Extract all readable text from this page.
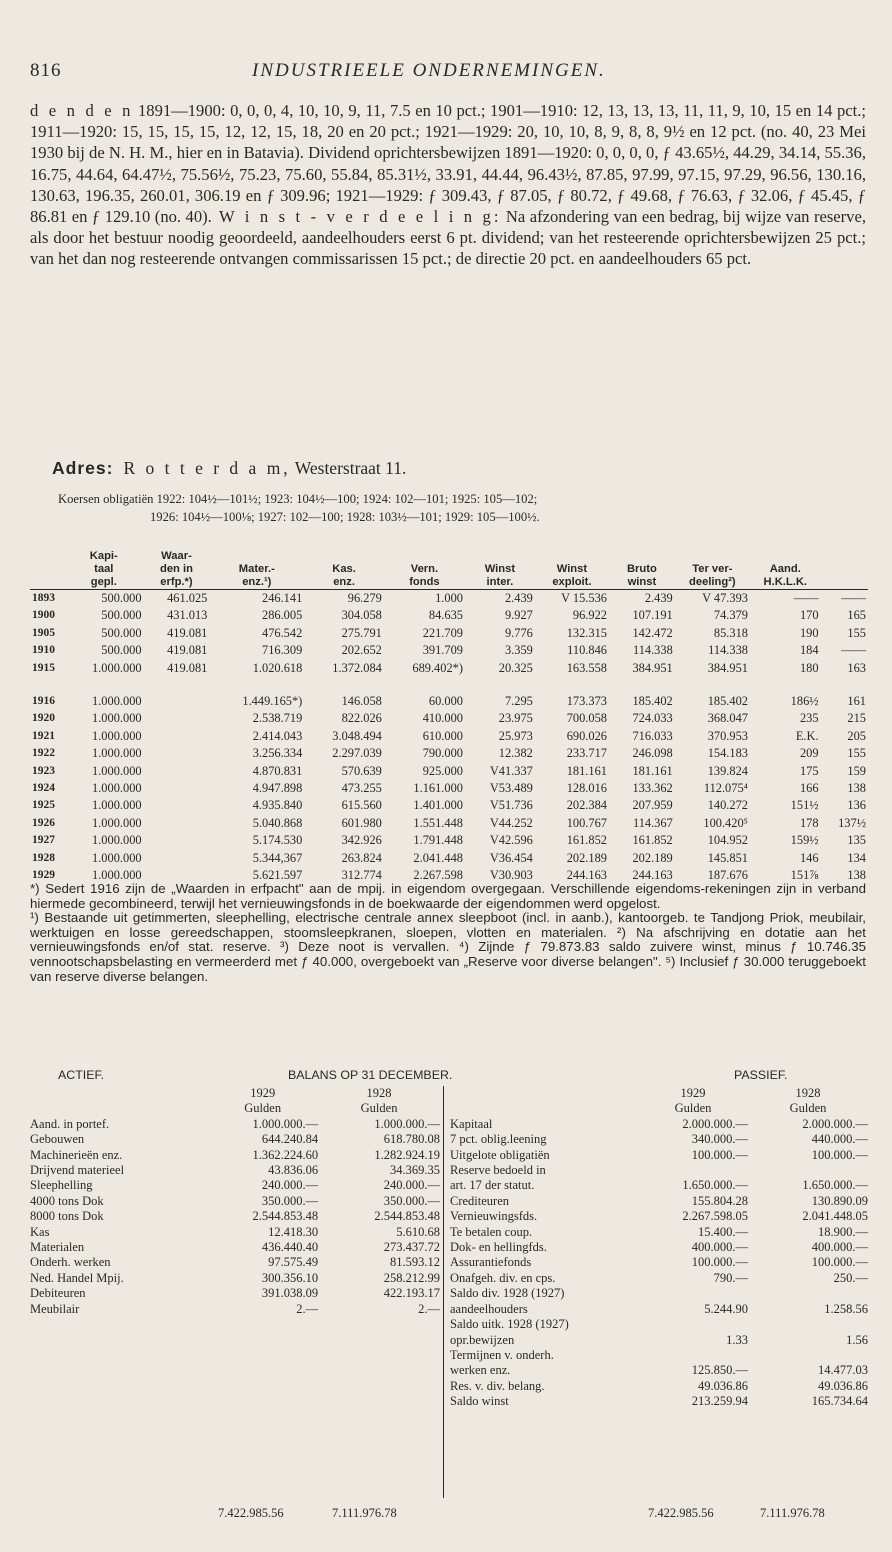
816	INDUSTRIEELE ONDERNEMINGEN.
d e n d e n 1891—1900: 0, 0, 0, 4, 10, 10, 9, 11, 7.5 en 10 pct.; 1901—1910: 12, 13, 13, 13, 11, 11, 9, 10, 15 en 14 pct.; 1911—1920: 15, 15, 15, 15, 12, 12, 15, 18, 20 en 20 pct.; 1921—1929: 20, 10, 10, 8, 9, 8, 8, 9½ en 12 pct. (no. 40, 23 Mei 1930 bij de N. H. M., hier en in Batavia). Dividend oprichtersbewijzen 1891—1920: 0, 0, 0, 0, ƒ 43.65½, 44.29, 34.14, 55.36, 16.75, 44.64, 64.47½, 75.56½, 75.23, 75.60, 55.84, 85.31½, 33.91, 44.44, 96.43½, 87.85, 97.99, 97.15, 97.29, 96.56, 130.16, 130.63, 196.35, 260.01, 306.19 en ƒ 309.96; 1921—1929: ƒ 309.43, ƒ 87.05, ƒ 80.72, ƒ 49.68, ƒ 76.63, ƒ 32.06, ƒ 45.45, ƒ 86.81 en ƒ 129.10 (no. 40). W i n s t - v e r d e e l i n g: Na afzondering van een bedrag, bij wijze van reserve, als door het bestuur noodig geoordeeld, aandeelhouders eerst 6 pt. dividend; van het resteerende oprichtersbewijzen 25 pct.; van het dan nog resteerende ontvangen commissarissen 15 pct.; de directie 20 pct. en aandeelhouders 65 pct.
Adres: R o t t e r d a m, Westerstraat 11.
Koersen obligatiën 1922: 104½—101½; 1923: 104½—100; 1924: 102—101; 1925: 105—102;
1926: 104½—100⅛; 1927: 102—100; 1928: 103½—101; 1929: 105—100½.
	Kapi-	Waar-									
	taal	den in	Mater.-	Kas.	Vern.	Winst	Winst	Bruto	Ter ver-	Aand.	
	gepl.	erfp.*)	enz.¹)	enz.	fonds	inter.	exploit.	winst	deeling²)	H.K.L.K.	
1893	500.000	461.025	246.141	96.279	1.000	2.439	V 15.536	2.439	V 47.393	——	——
1900	500.000	431.013	286.005	304.058	84.635	9.927	96.922	107.191	74.379	170	165
1905	500.000	419.081	476.542	275.791	221.709	9.776	132.315	142.472	85.318	190	155
1910	500.000	419.081	716.309	202.652	391.709	3.359	110.846	114.338	114.338	184	——
1915	1.000.000	419.081	1.020.618	1.372.084	689.402*)	20.325	163.558	384.951	384.951	180	163
1916	1.000.000		1.449.165*)	146.058	60.000	7.295	173.373	185.402	185.402	186½	161
1920	1.000.000		2.538.719	822.026	410.000	23.975	700.058	724.033	368.047	235	215
1921	1.000.000		2.414.043	3.048.494	610.000	25.973	690.026	716.033	370.953	E.K.	205
1922	1.000.000		3.256.334	2.297.039	790.000	12.382	233.717	246.098	154.183	209	155
1923	1.000.000		4.870.831	570.639	925.000	V41.337	181.161	181.161	139.824	175	159
1924	1.000.000		4.947.898	473.255	1.161.000	V53.489	128.016	133.362	112.075⁴	166	138
1925	1.000.000		4.935.840	615.560	1.401.000	V51.736	202.384	207.959	140.272	151½	136
1926	1.000.000		5.040.868	601.980	1.551.448	V44.252	100.767	114.367	100.420⁵	178	137½
1927	1.000.000		5.174.530	342.926	1.791.448	V42.596	161.852	161.852	104.952	159½	135
1928	1.000.000		5.344,367	263.824	2.041.448	V36.454	202.189	202.189	145.851	146	134
1929	1.000.000		5.621.597	312.774	2.267.598	V30.903	244.163	244.163	187.676	151⅞	138

*) Sedert 1916 zijn de „Waarden in erfpacht" aan de mpij. in eigendom overgegaan. Verschillende eigendoms-rekeningen zijn in verband hiermede gecombineerd, terwijl het vernieuwingsfonds in de boekwaarde der eigendommen werd opgelost.

¹) Bestaande uit getimmerten, sleephelling, electrische centrale annex sleepboot (incl. in aanb.), kantoorgeb. te Tandjong Priok, meubilair, werktuigen en losse gereedschappen, stoomsleepkranen, sloepen, vlotten en materialen. ²) Na afschrijving en dotatie aan het vernieuwingsfonds en/of stat. reserve. ³) Deze noot is vervallen. ⁴) Zijnde ƒ 79.873.83 saldo zuivere winst, minus ƒ 10.746.35 vennootschapsbelasting en vermeerderd met ƒ 40.000, overgeboekt van „Reserve voor diverse belangen". ⁵) Inclusief ƒ 30.000 teruggeboekt van reserve diverse belangen.

ACTIEF.	BALANS OP 31 DECEMBER.	PASSIEF.
	1929	1928
	Gulden	Gulden
Aand. in portef.	1.000.000.—	1.000.000.—
Gebouwen	644.240.84	618.780.08
Machinerieën enz.	1.362.224.60	1.282.924.19
Drijvend materieel	43.836.06	34.369.35
Sleephelling	240.000.—	240.000.—
4000 tons Dok	350.000.—	350.000.—
8000 tons Dok	2.544.853.48	2.544.853.48
Kas	12.418.30	5.610.68
Materialen	436.440.40	273.437.72
Onderh. werken	97.575.49	81.593.12
Ned. Handel Mpij.	300.356.10	258.212.99
Debiteuren	391.038.09	422.193.17
Meubilair	2.—	2.—
	1929	1928
	Gulden	Gulden
Kapitaal	2.000.000.—	2.000.000.—
7 pct. oblig.leening	340.000.—	440.000.—
Uitgelote obligatiën	100.000.—	100.000.—
Reserve bedoeld in		
art. 17 der statut.	1.650.000.—	1.650.000.—
Crediteuren	155.804.28	130.890.09
Vernieuwingsfds.	2.267.598.05	2.041.448.05
Te betalen coup.	15.400.—	18.900.—
Dok- en hellingfds.	400.000.—	400.000.—
Assurantiefonds	100.000.—	100.000.—
Onafgeh. div. en cps.	790.—	250.—
Saldo div. 1928 (1927)		
aandeelhouders	5.244.90	1.258.56
Saldo uitk. 1928 (1927)		
opr.bewijzen	1.33	1.56
Termijnen v. onderh.		
werken enz.	125.850.—	14.477.03
Res. v. div. belang.	49.036.86	49.036.86
Saldo winst	213.259.94	165.734.64
7.422.985.56	7.111.976.78	7.422.985.56	7.111.976.78
